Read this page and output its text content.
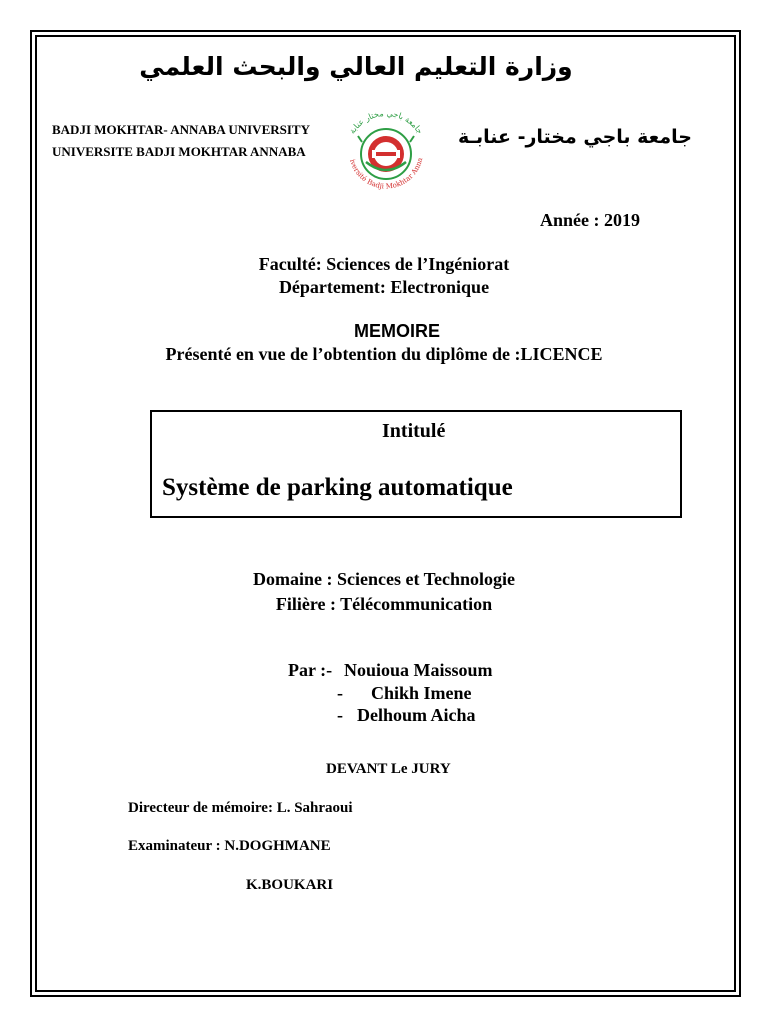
وزارة التعليم العالي والبحث العلمي
BADJI MOKHTAR- ANNABA UNIVERSITY
UNIVERSITE BADJI MOKHTAR ANNABA
جامعة باجي مختار عنابة
iversité Badji Mokhtar Anna
جامعة باجي مختار- عنابـة
Année : 2019
Faculté: Sciences de l’Ingéniorat
Département: Electronique
MEMOIRE
Présenté en vue de l’obtention du diplôme de :LICENCE
Intitulé
Système de parking automatique
Domaine : Sciences et Technologie
Filière : Télécommunication
Par :- Nouioua Maissoum
- Chikh Imene
- Delhoum Aicha
DEVANT Le JURY
Directeur de mémoire: L. Sahraoui
Examinateur : N.DOGHMANE
K.BOUKARI
